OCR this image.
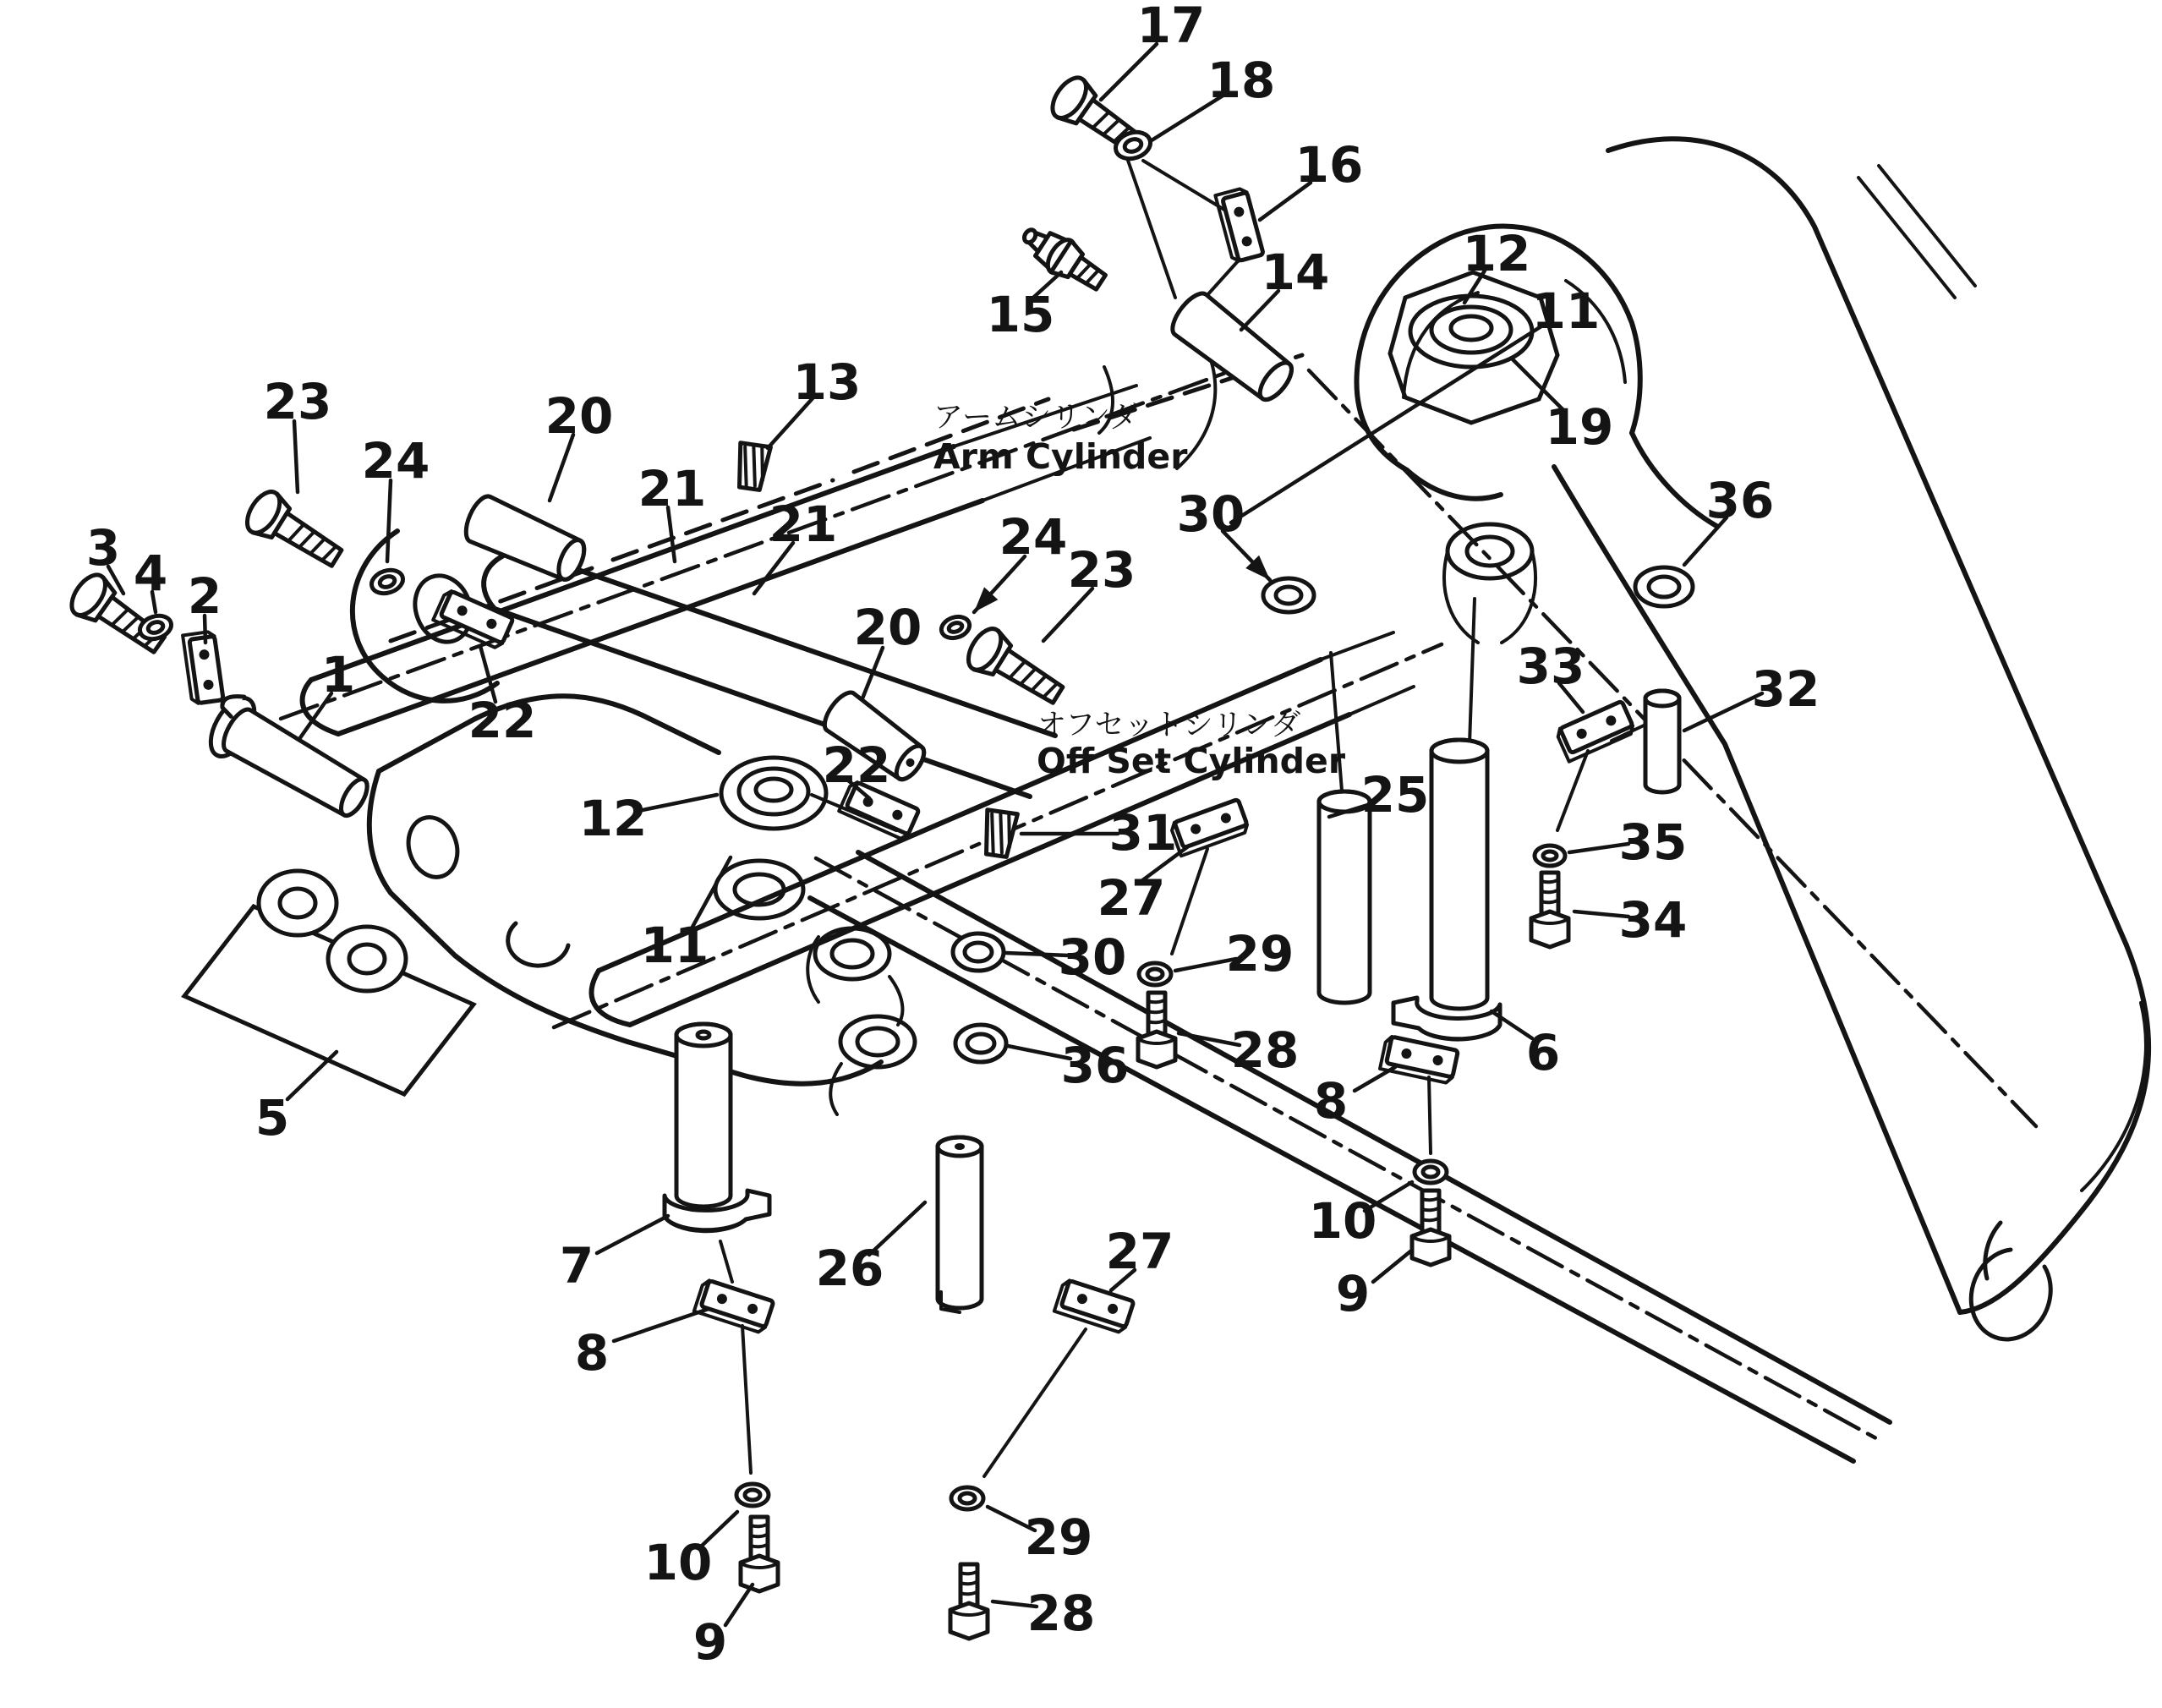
アームシリンダ
Arm Cylinder
オフセットシリンダ
Off Set Cylinder
17
18
16
15
14	12
11
19
36
13
20
23
24	21
21
3 4 2
20
24
23
30
1
22
12
11
22
31
27
25
33	32
35
34
30 29
28
36	6
5
7	26	27
8
8
10
10
9
9
29
28
